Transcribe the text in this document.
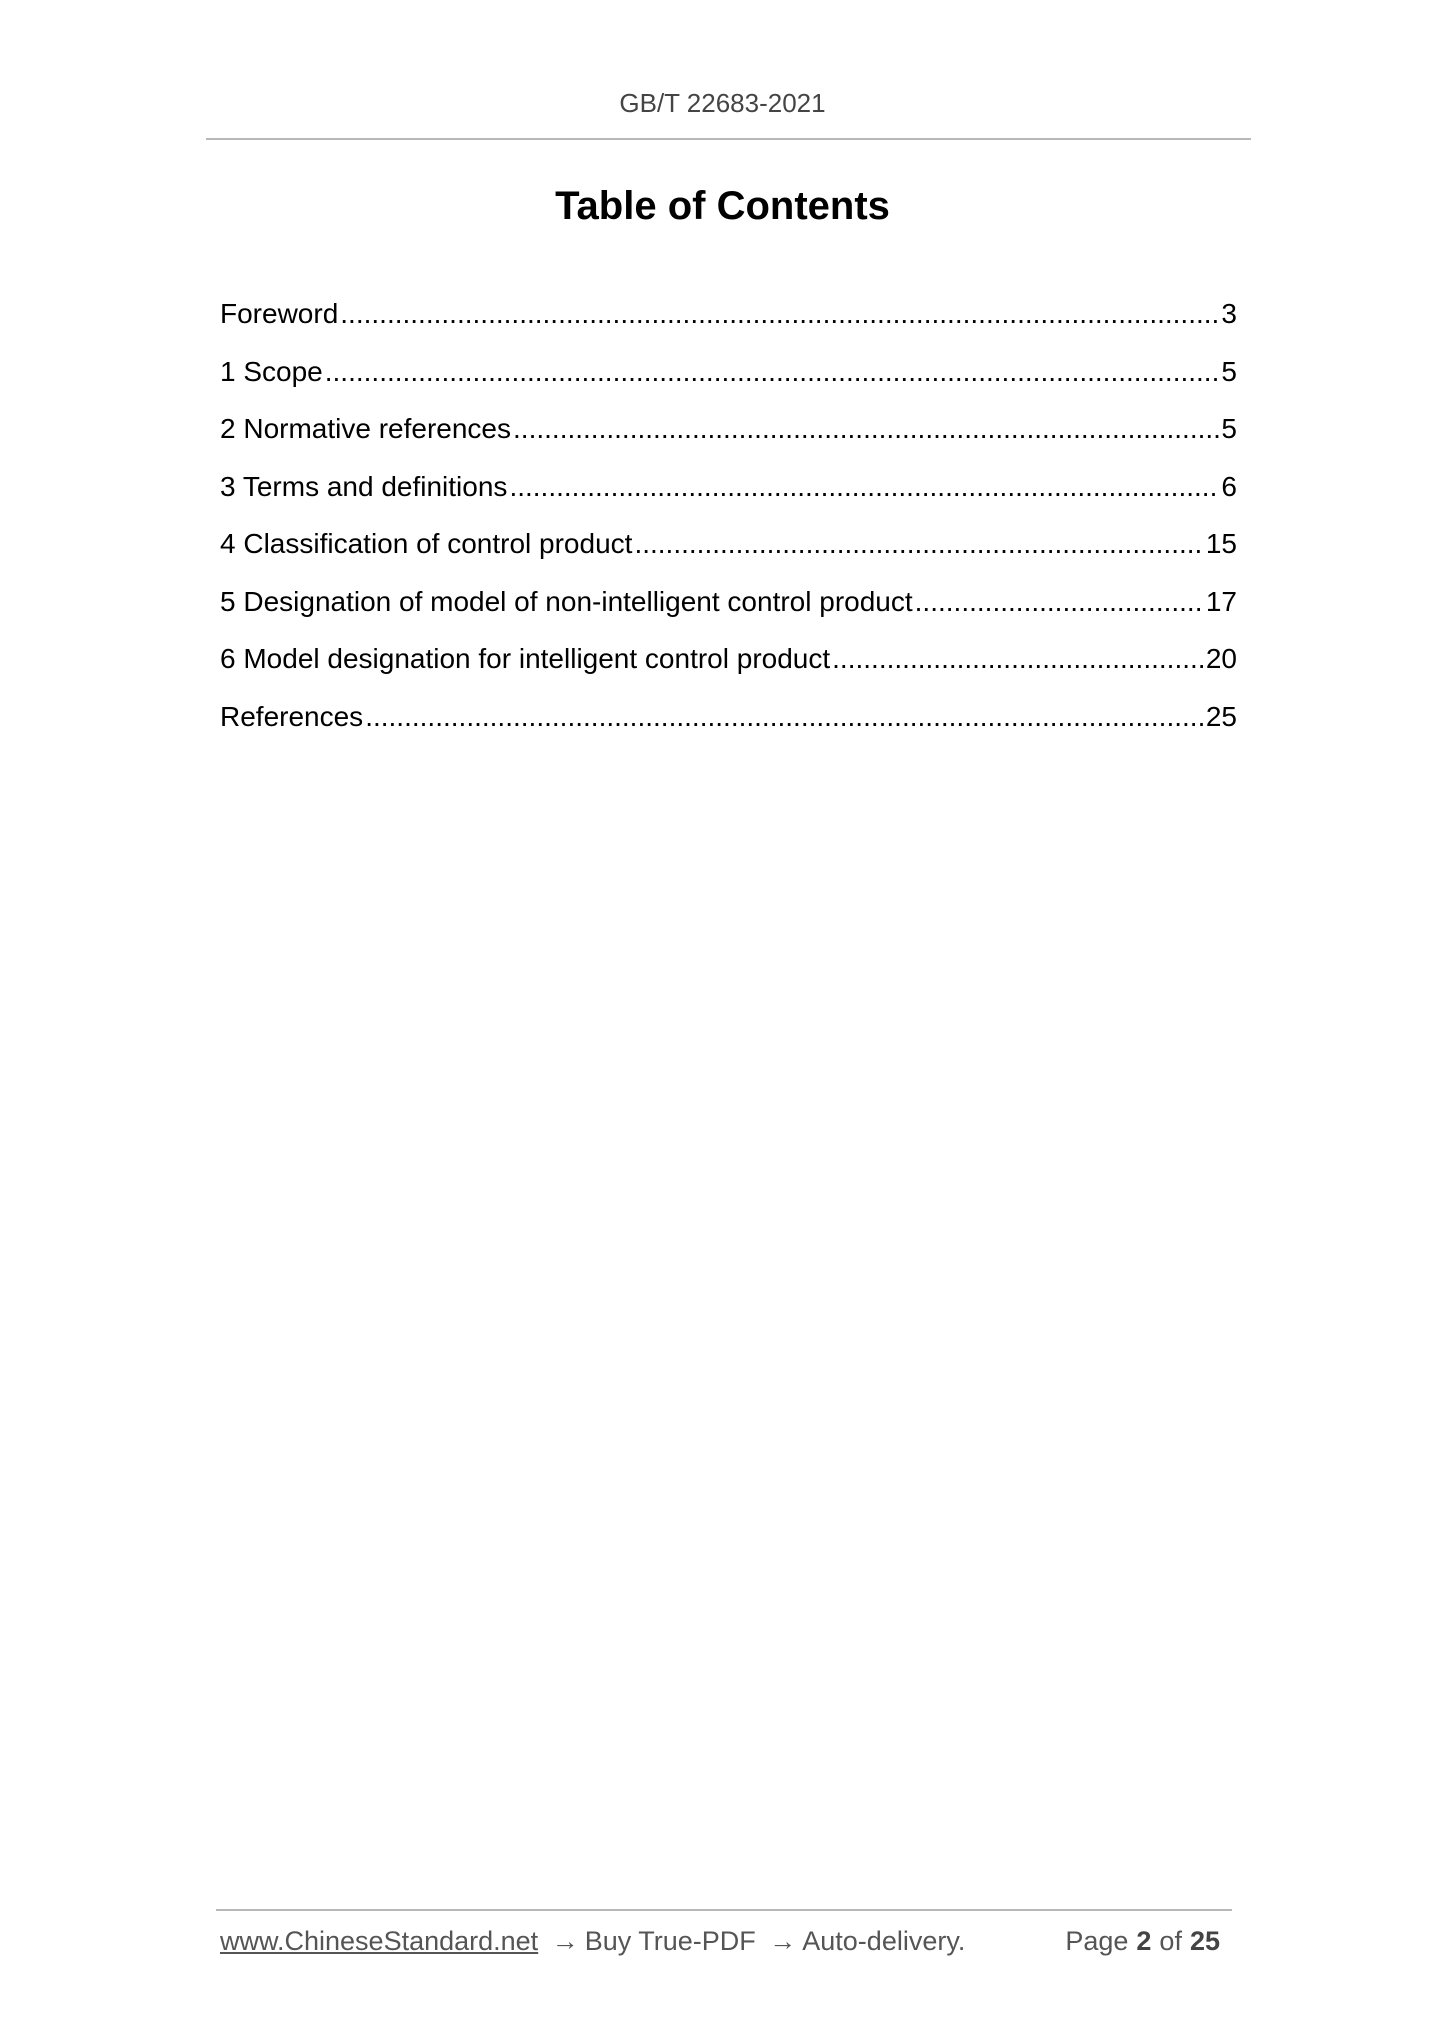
GB/T 22683-2021
Table of Contents
Foreword .....	3
1 Scope .....	5
2 Normative references .....	5
3 Terms and definitions .....	6
4 Classification of control product .....	15
5 Designation of model of non-intelligent control product .....	17
6 Model designation for intelligent control product .....	20
References .....	25
www.ChineseStandard.net → Buy True-PDF → Auto-delivery.	Page 2 of 25
